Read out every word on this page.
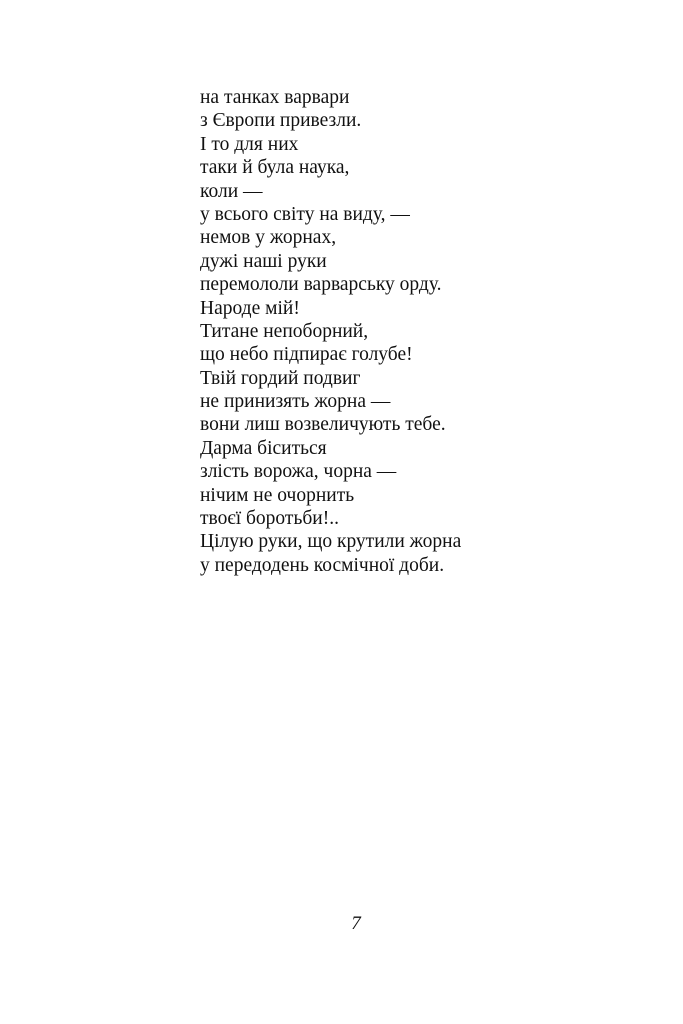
на танках варвари
з Європи привезли.
І то для них
таки й була наука,
коли —
у всього світу на виду, —
немов у жорнах,
дужі наші руки
перемололи варварську орду.
Народе мій!
Титане непоборний,
що небо підпирає голубе!
Твій гордий подвиг
не принизять жорна —
вони лиш возвеличують тебе.
Дарма біситься
злість ворожа, чорна —
нічим не очорнить
твоєї боротьби!..
Цілую руки, що крутили жорна
у передодень космічної доби.
7
